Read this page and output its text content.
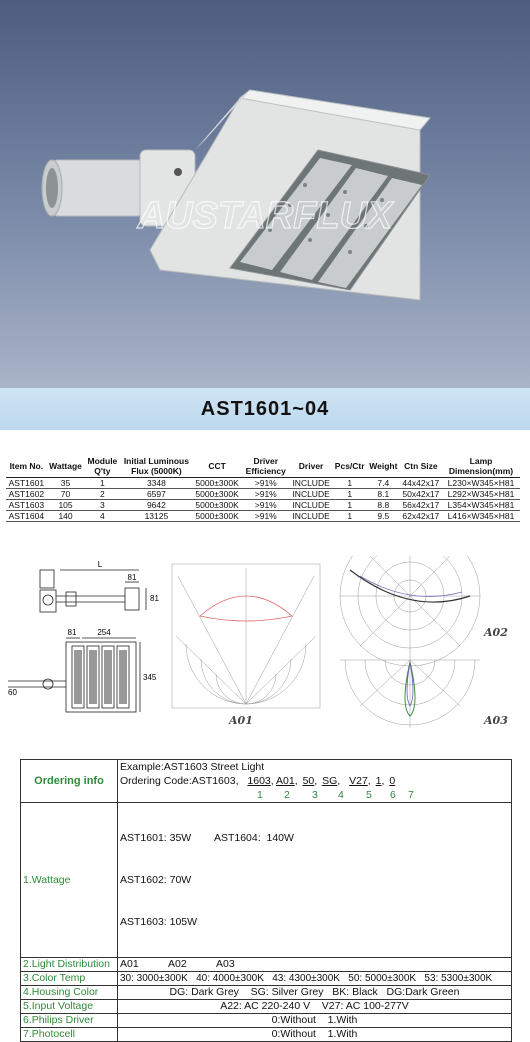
AUSTARFLUX
AST1601~04
Item No.	Wattage	Module Q'ty	Initial Luminous Flux (5000K)	CCT	Driver Efficiency	Driver	Pcs/Ctr	Weight	Ctn Size	Lamp Dimension(mm)
AST1601	35	1	3348	5000±300K	>91%	INCLUDE	1	7.4	44x42x17	L230×W345×H81
AST1602	70	2	6597	5000±300K	>91%	INCLUDE	1	8.1	50x42x17	L292×W345×H81
AST1603	105	3	9642	5000±300K	>91%	INCLUDE	1	8.8	56x42x17	L354×W345×H81
AST1604	140	4	13125	5000±300K	>91%	INCLUDE	1	9.5	62x42x17	L416×W345×H81
L
81
81
81	254
345
60
A01
A02
A03
Ordering info	Example:AST1603 Street Light
Ordering Code:AST1603, 1603, A01, 50, SG, V27, 1, 0
1 2 3 4 5 6 7

1.Wattage	AST1601: 35W        AST1604:  140W

AST1602: 70W

AST1603: 105W

2.Light Distribution	A01 A02 A03
3.Color Temp	30: 3000±300K   40: 4000±300K   43: 4300±300K   50: 5000±300K   53: 5300±300K
4.Housing Color	DG: Dark Grey    SG: Silver Grey   BK: Black   DG:Dark Green
5.Input Voltage	A22: AC 220-240 V    V27: AC 100-277V
6.Philips Driver	0:Without    1.With
7.Photocell	0:Without    1.With
